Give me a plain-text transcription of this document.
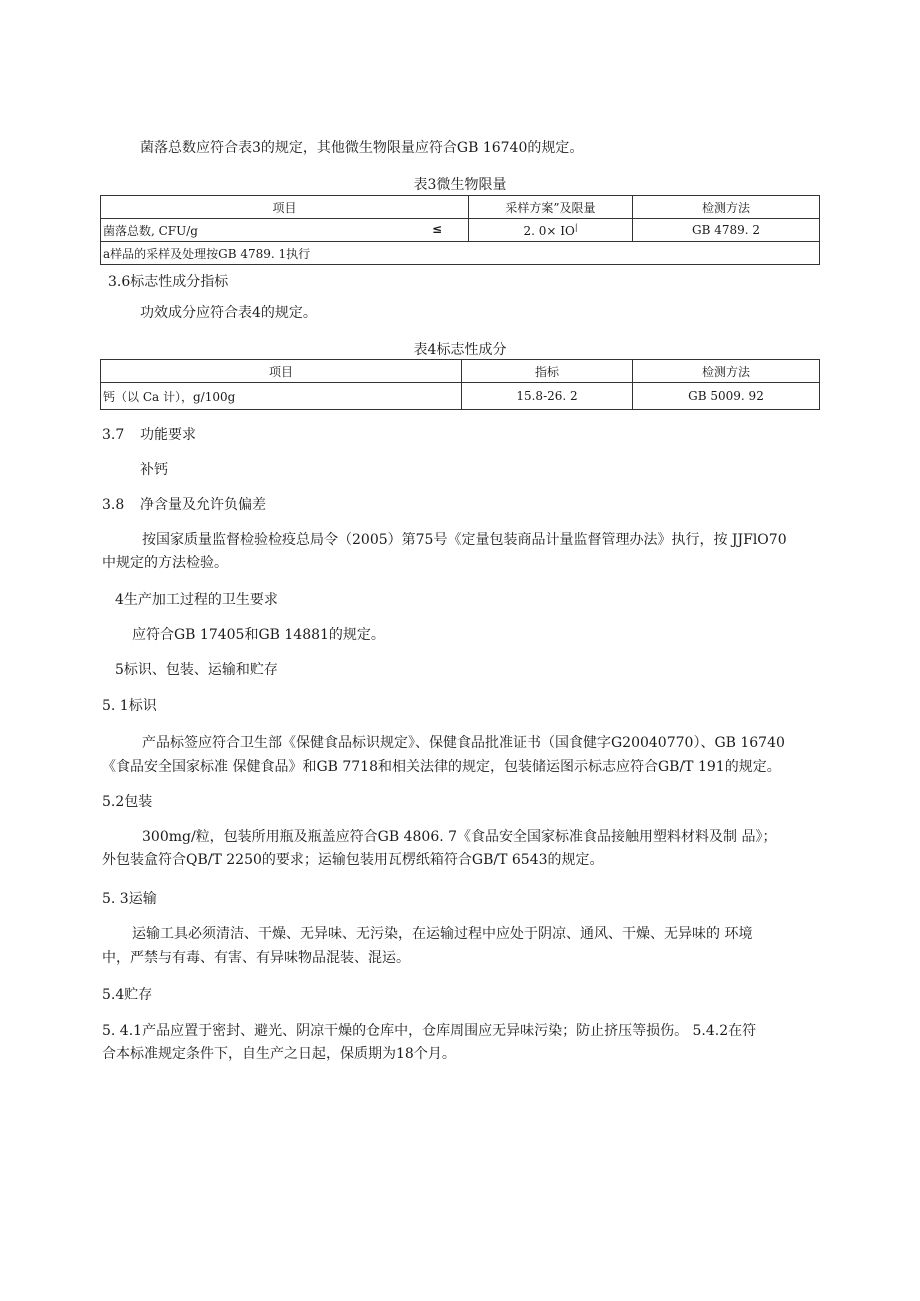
菌落总数应符合表3的规定，其他微生物限量应符合GB 16740的规定。
表3微生物限量
项目	采样方案”及限量	检测方法
菌落总数, CFU/g ≤	2. 0× IO|	GB 4789. 2
a样品的采样及处理按GB 4789. 1执行		
3.6标志性成分指标
功效成分应符合表4的规定。
表4标志性成分
项目	指标	检测方法
钙（以 Ca 计），g/100g	15.8-26. 2	GB 5009. 92
3.7 功能要求
补钙
3.8 净含量及允许负偏差
按国家质量监督检验检疫总局令（2005）第75号《定量包装商品计量监督管理办法》执行，按 JJFlO70
中规定的方法检验。
4生产加工过程的卫生要求
应符合GB 17405和GB 14881的规定。
5标识、包装、运输和贮存
5. 1标识
产品标签应符合卫生部《保健食品标识规定》、保健食品批准证书（国食健字G20040770）、GB 16740
《食品安全国家标准 保健食品》和GB 7718和相关法律的规定，包装储运图示标志应符合GB/T 191的规定。
5.2包装
300mg/粒，包装所用瓶及瓶盖应符合GB 4806. 7《食品安全国家标准食品接触用塑料材料及制 品》；
外包装盒符合QB/T 2250的要求；运输包装用瓦楞纸箱符合GB/T 6543的规定。
5. 3运输
运输工具必须清洁、干燥、无异味、无污染，在运输过程中应处于阴凉、通风、干燥、无异味的 环境
中，严禁与有毒、有害、有异味物品混装、混运。
5.4贮存
5. 4.1产品应置于密封、避光、阴凉干燥的仓库中，仓库周围应无异味污染；防止挤压等损伤。 5.4.2在符
合本标准规定条件下，自生产之日起，保质期为18个月。
